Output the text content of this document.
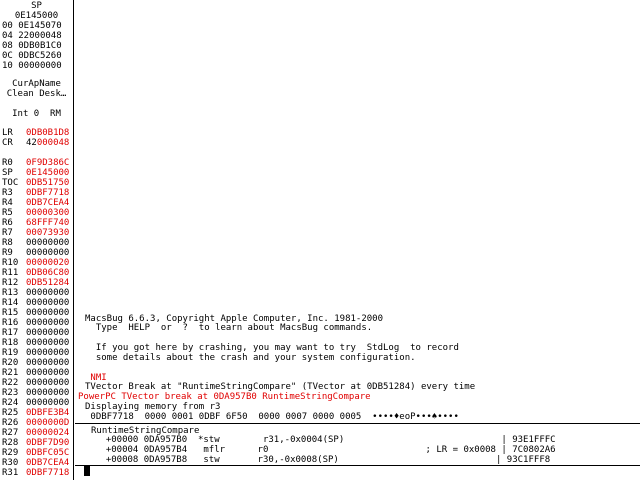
SP
0E145000
00 0E145070
04 22000048
08 0DB0B1C0
0C 0DBC5260
10 00000000
CurApName
Clean Desk…
Int 0  RM
LR 0DB0B1D8
CR 42000048
R0 0F9D386C
SP 0E145000
TOC 0DB51750
R3 0DBF7718
R4 0DB7CEA4
R5 00000300
R6 68FFF740
R7 00073930
R8 00000000
R9 00000000
R10 00000020
R11 0DB06C80
R12 0DB51284
R13 00000000
R14 00000000
R15 00000000
R16 00000000
R17 00000000
R18 00000000
R19 00000000
R20 00000000
R21 00000000
R22 00000000
R23 00000000
R24 00000000
R25 0DBFE3B4
R26 0000000D
R27 00000024
R28 0DBF7D90
R29 0DBFC05C
R30 0DB7CEA4
R31 0DBF7718
MacsBug 6.6.3, Copyright Apple Computer, Inc. 1981-2000
Type  HELP  or  ?  to learn about MacsBug commands.
If you got here by crashing, you may want to try  StdLog  to record
some details about the crash and your system configuration.
NMI
TVector Break at "RuntimeStringCompare" (TVector at 0DB51284) every time
PowerPC TVector break at 0DA957B0 RuntimeStringCompare
Displaying memory from r3
0DBF7718  0000 0001 0DBF 6F50  0000 0007 0000 0005  ••••♦eoP•••♠••••
RuntimeStringCompare
+00000 0DA957B0  *stw        r31,-0x0004(SP)                             | 93E1FFFC
+00004 0DA957B4   mflr      r0                             ; LR = 0x0008 | 7C0802A6
+00008 0DA957B8   stw       r30,-0x0008(SP)                             | 93C1FFF8
